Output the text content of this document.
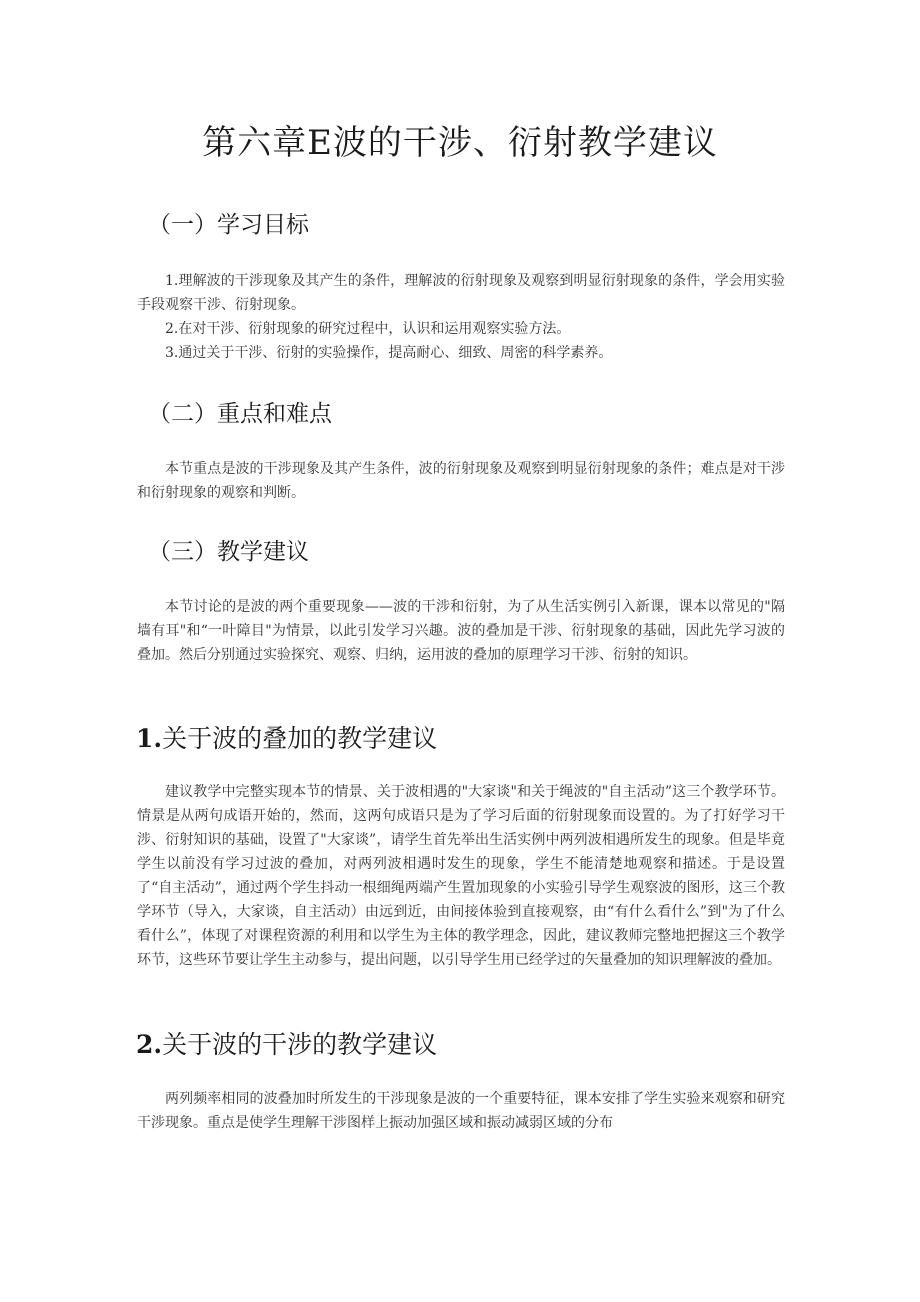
第六章E波的干涉、衍射教学建议
（一）学习目标
1.理解波的干涉现象及其产生的条件，理解波的衍射现象及观察到明显衍射现象的条件，学会用实验手段观察干涉、衍射现象。
2.在对干涉、衍射现象的研究过程中，认识和运用观察实验方法。
3.通过关于干涉、衍射的实验操作，提高耐心、细致、周密的科学素养。
（二）重点和难点

本节重点是波的干涉现象及其产生条件，波的衍射现象及观察到明显衍射现象的条件；难点是对干涉和衍射现象的观察和判断。

（三）教学建议

本节讨论的是波的两个重要现象——波的干涉和衍射，为了从生活实例引入新课，课本以常见的"隔墙有耳"和“一叶障目"为情景，以此引发学习兴趣。波的叠加是干涉、衍射现象的基础，因此先学习波的叠加。然后分别通过实验探究、观察、归纳，运用波的叠加的原理学习干涉、衍射的知识。

1.关于波的叠加的教学建议

建议教学中完整实现本节的情景、关于波相遇的"大家谈"和关于绳波的"自主活动”这三个教学环节。情景是从两句成语开始的，然而，这两句成语只是为了学习后面的衍射现象而设置的。为了打好学习干涉、衍射知识的基础，设置了"大家谈”，请学生首先举出生活实例中两列波相遇所发生的现象。但是毕竟学生以前没有学习过波的叠加，对两列波相遇时发生的现象，学生不能清楚地观察和描述。于是设置了“自主活动”，通过两个学生抖动一根细绳两端产生置加现象的小实验引导学生观察波的图形，这三个教学环节（导入，大家谈，自主活动）由远到近，由间接体验到直接观察，由“有什么看什么”到"为了什么看什么”，体现了对课程资源的利用和以学生为主体的教学理念，因此，建议教师完整地把握这三个教学环节，这些环节要让学生主动参与，提出问题，以引导学生用已经学过的矢量叠加的知识理解波的叠加。

2.关于波的干涉的教学建议

两列频率相同的波叠加时所发生的干涉现象是波的一个重要特征，课本安排了学生实验来观察和研究干涉现象。重点是使学生理解干涉图样上振动加强区域和振动减弱区域的分布
